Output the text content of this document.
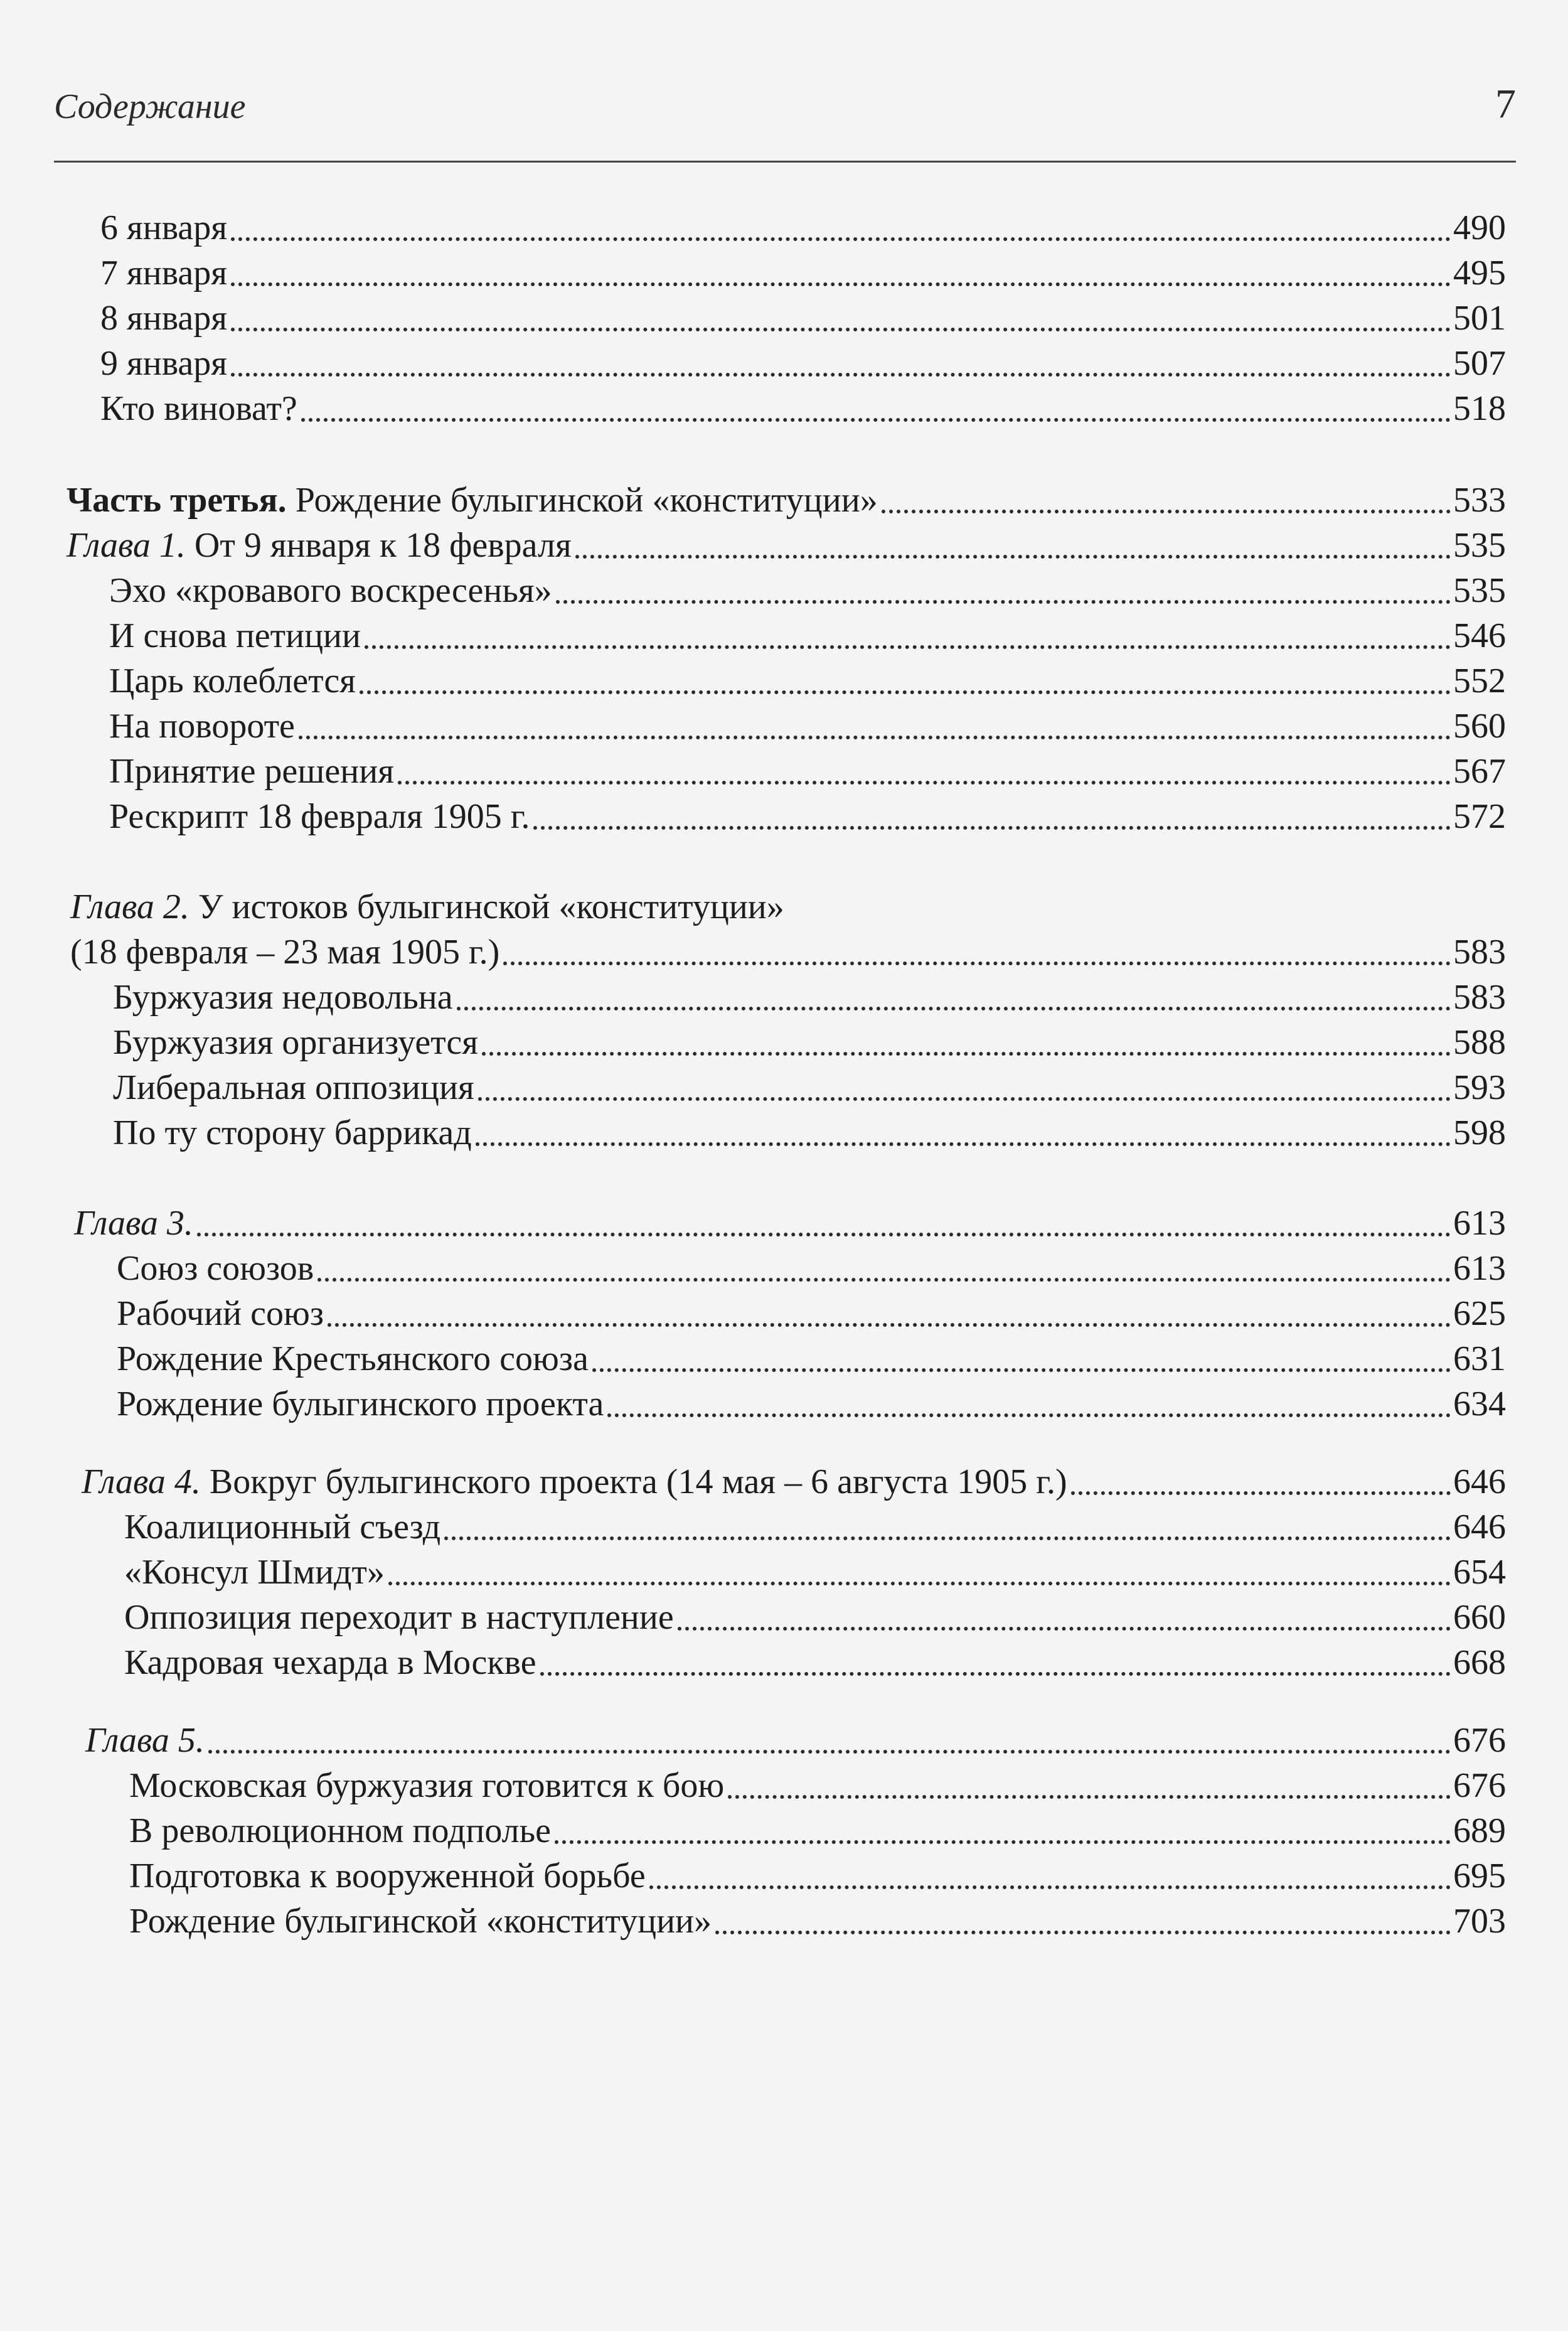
Содержание	7
6 января	490
7 января	495
8 января	501
9 января	507
Кто виноват?	518
Часть третья. Рождение булыгинской «конституции»	533
Глава 1. От 9 января к 18 февраля	535
Эхо «кровавого воскресенья»	535
И снова петиции	546
Царь колеблется	552
На повороте	560
Принятие решения	567
Рескрипт 18 февраля 1905 г.	572
Глава 2. У истоков булыгинской «конституции»
(18 февраля – 23 мая 1905 г.)	583
Буржуазия недовольна	583
Буржуазия организуется	588
Либеральная оппозиция	593
По ту сторону баррикад	598
Глава 3.	613
Союз союзов	613
Рабочий союз	625
Рождение Крестьянского союза	631
Рождение булыгинского проекта	634
Глава 4. Вокруг булыгинского проекта (14 мая – 6 августа 1905 г.)	646
Коалиционный съезд	646
«Консул Шмидт»	654
Оппозиция переходит в наступление	660
Кадровая чехарда в Москве	668
Глава 5.	676
Московская буржуазия готовится к бою	676
В революционном подполье	689
Подготовка к вооруженной борьбе	695
Рождение булыгинской «конституции»	703
